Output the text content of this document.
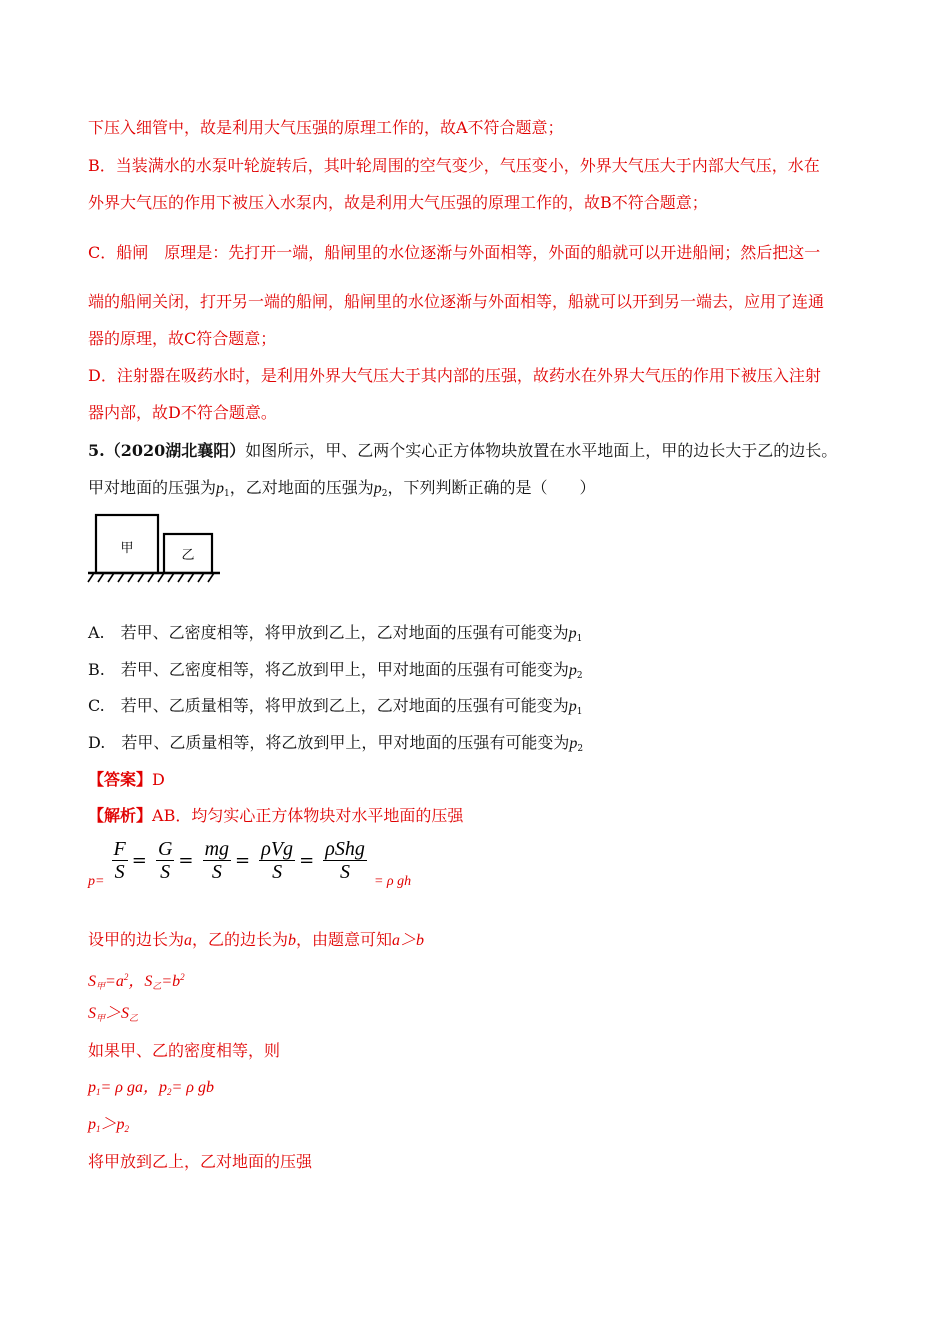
下压入细管中，故是利用大气压强的原理工作的，故A不符合题意；
B．当装满水的水泵叶轮旋转后，其叶轮周围的空气变少，气压变小，外界大气压大于内部大气压，水在
外界大气压的作用下被压入水泵内，故是利用大气压强的原理工作的，故B不符合题意；
C．船闸　原理是：先打开一端，船闸里的水位逐渐与外面相等，外面的船就可以开进船闸；然后把这一
端的船闸关闭，打开另一端的船闸，船闸里的水位逐渐与外面相等，船就可以开到另一端去，应用了连通
器的原理，故C符合题意；
D．注射器在吸药水时，是利用外界大气压大于其内部的压强，故药水在外界大气压的作用下被压入注射
器内部，故D不符合题意。
5.（2020湖北襄阳）如图所示，甲、乙两个实心正方体物块放置在水平地面上，甲的边长大于乙的边长。
甲对地面的压强为$p_1$，乙对地面的压强为$p_2$，下列判断正确的是（　　）
甲	乙
A.　若甲、乙密度相等，将甲放到乙上，乙对地面的压强有可能变为$p_1$
B.　若甲、乙密度相等，将乙放到甲上，甲对地面的压强有可能变为$p_2$
C.　若甲、乙质量相等，将甲放到乙上，乙对地面的压强有可能变为$p_1$
D.　若甲、乙质量相等，将乙放到甲上，甲对地面的压强有可能变为$p_2$
【答案】D
【解析】AB．均匀实心正方体物块对水平地面的压强
$p= \frac{F}{S} = \frac{G}{S} = \frac{mg}{S} = \frac{\text{ρVg}}{S} = \frac{\text{ρShg}}{S} = \rho$ gh
设甲的边长为a，乙的边长为b，由题意可知a＞b
$S_甲=a^2$，$S_乙=b^2$
$S_甲>S_乙$
如果甲、乙的密度相等，则
$p_1= \rho$ ga，$p_2= \rho$ gb
$p_1>p_2$
将甲放到乙上，乙对地面的压强
